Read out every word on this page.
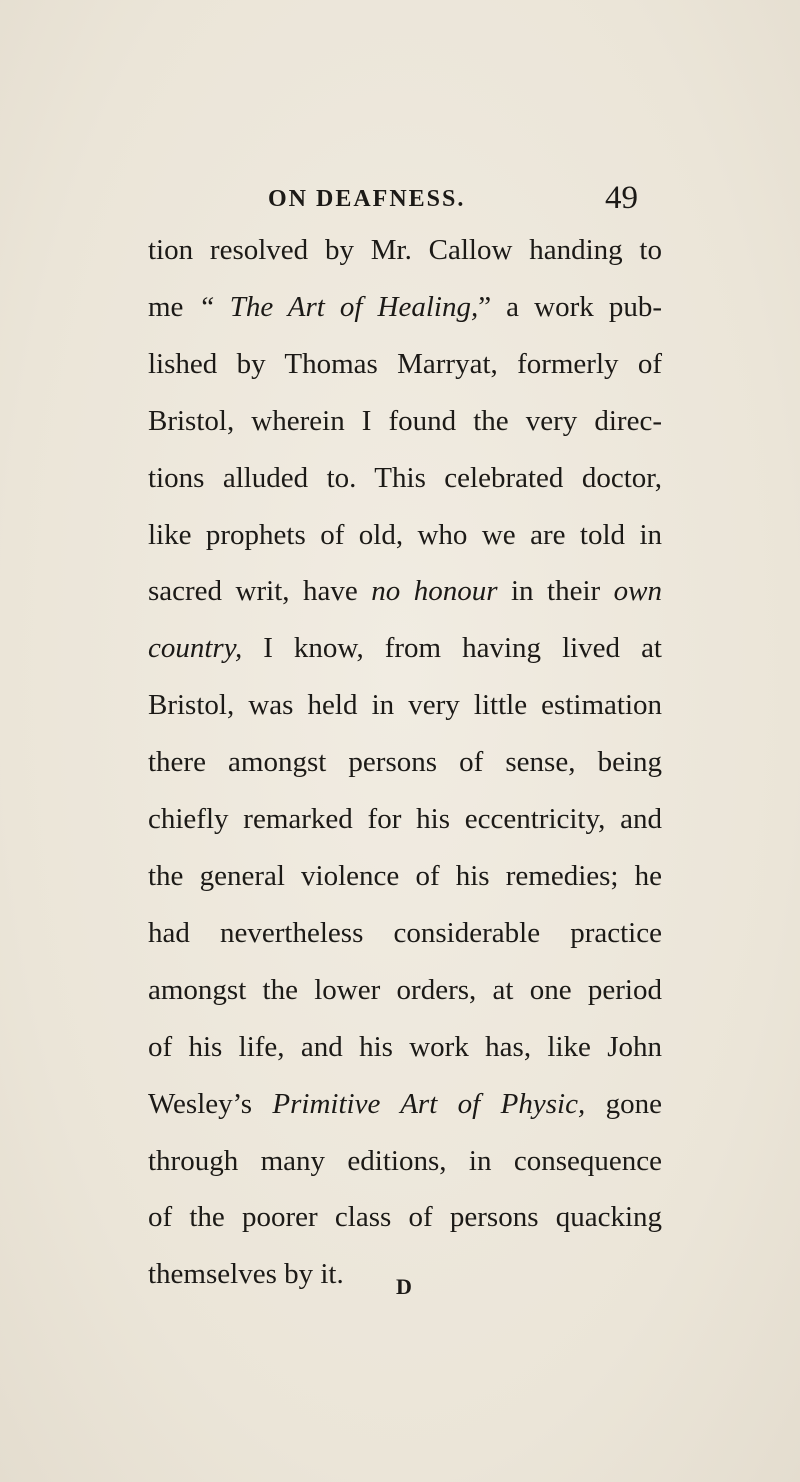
ON DEAFNESS.	49
tion resolved by Mr. Callow handing to
me “ The Art of Healing,” a work pub-
lished by Thomas Marryat, formerly of
Bristol, wherein I found the very direc-
tions alluded to. This celebrated doctor,
like prophets of old, who we are told in
sacred writ, have no honour in their own
country, I know, from having lived at
Bristol, was held in very little estimation
there amongst persons of sense, being
chiefly remarked for his eccentricity, and
the general violence of his remedies; he
had nevertheless considerable practice
amongst the lower orders, at one period
of his life, and his work has, like John
Wesley’s Primitive Art of Physic, gone
through many editions, in consequence
of the poorer class of persons quacking
themselves by it.	D
